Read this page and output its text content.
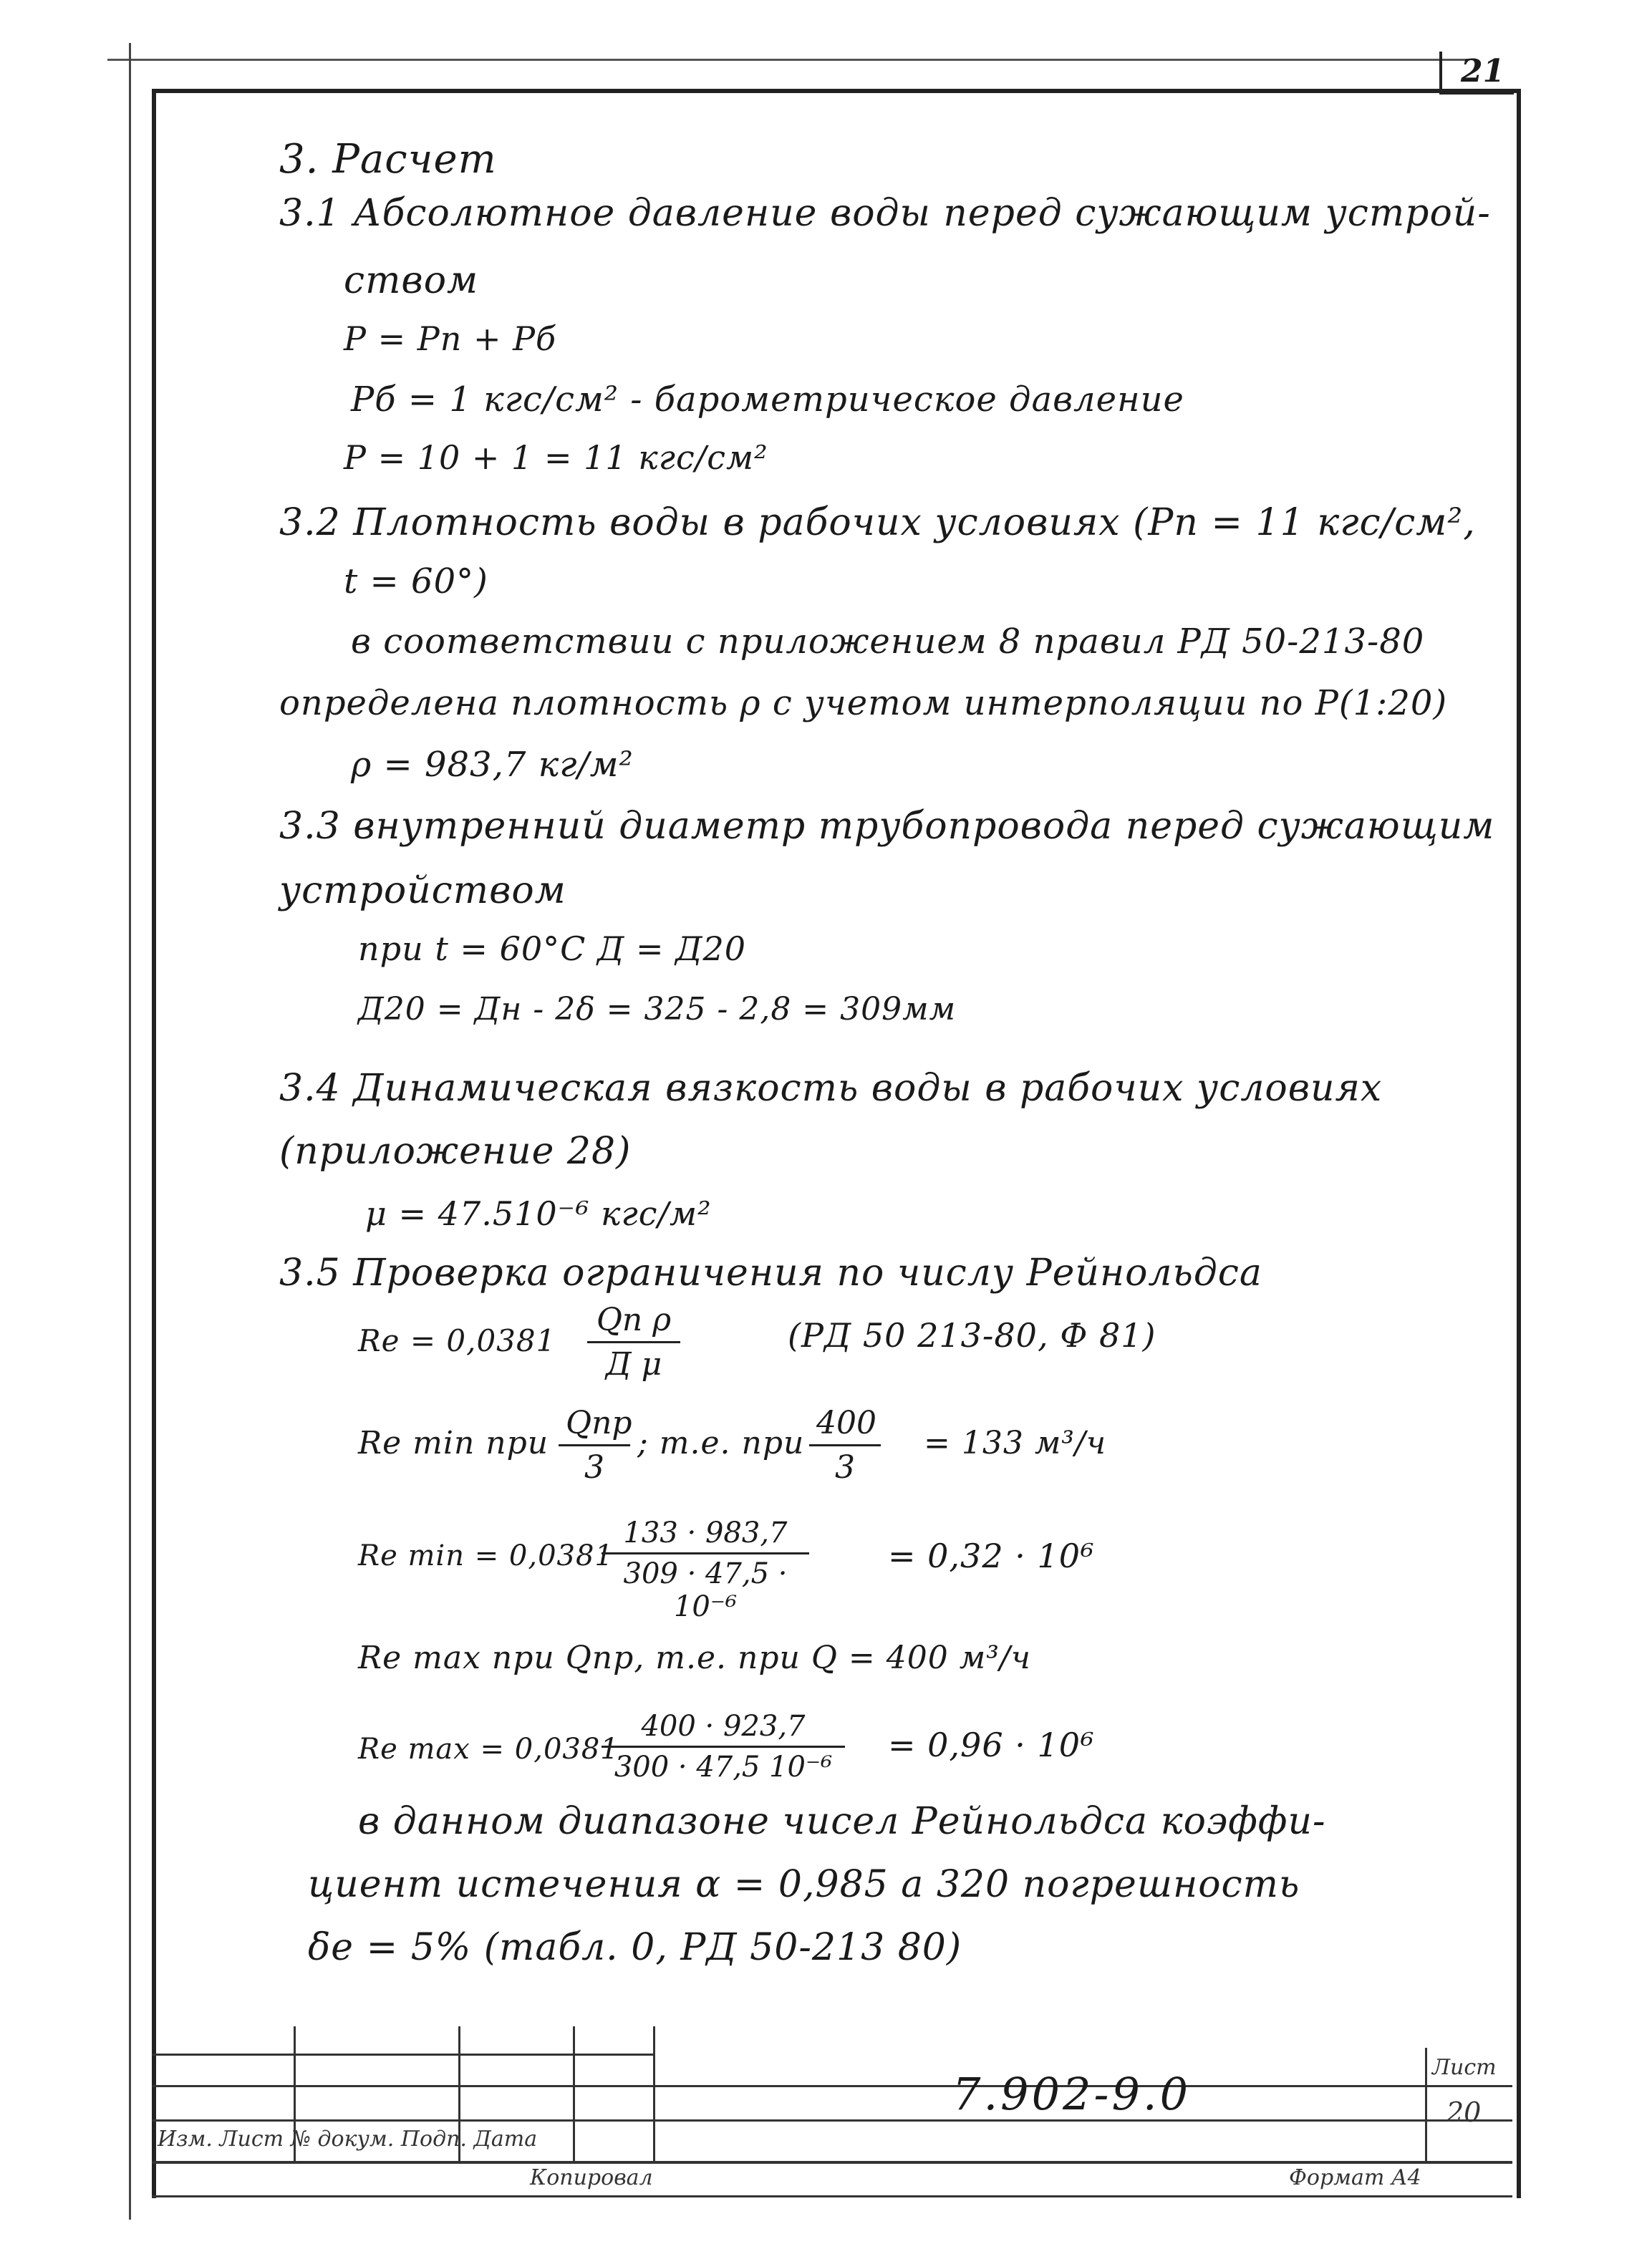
21
3. Расчет
3.1 Абсолютное давление воды перед сужающим устрой-
ством
P = Pп + Pб
Pб = 1 кгс/см² - барометрическое давление
P = 10 + 1 = 11 кгс/см²
3.2 Плотность воды в рабочих условиях (Pп = 11 кгс/см²,
t = 60°)
в соответствии с приложением 8 правил РД 50-213-80
определена плотность ρ с учетом интерполяции по P(1:20)
ρ = 983,7 кг/м²
3.3 внутренний диаметр трубопровода перед сужающим
устройством
при t = 60°C Д = Д20
Д20 = Дн - 2δ = 325 - 2,8 = 309мм
3.4 Динамическая вязкость воды в рабочих условиях
(приложение 28)
μ = 47.510⁻⁶ кгс/м²
3.5 Проверка ограничения по числу Рейнольдса
Re = 0,0381
Qп ρ
Д μ
(РД 50 213-80, Ф 81)
Re min при
Qпр
3
; т.е. при $\frac{400}{3} = 133$ м³/ч
Re min = 0,0381
$\frac{133 \cdot 983,7}{\text{309 · 47,5 · 10⁻⁶}} = 0,32 \cdot 10^6$
Re max при Qпр, т.е. при Q = 400 м³/ч
Re max = 0,0381
$\frac{400 \cdot 923,7}{\text{300 · 47,5 10⁻⁶}} = 0,96 \cdot 10^6$
в данном диапазоне чисел Рейнольдса коэффи-
циент истечения α = 0,985 а 320 погрешность
δe = 5% (табл. 0, РД 50-213 80)
7.902-9.0
Изм. Лист № докум. Подп. Дата
Копировал	Формат А4
Лист
20
